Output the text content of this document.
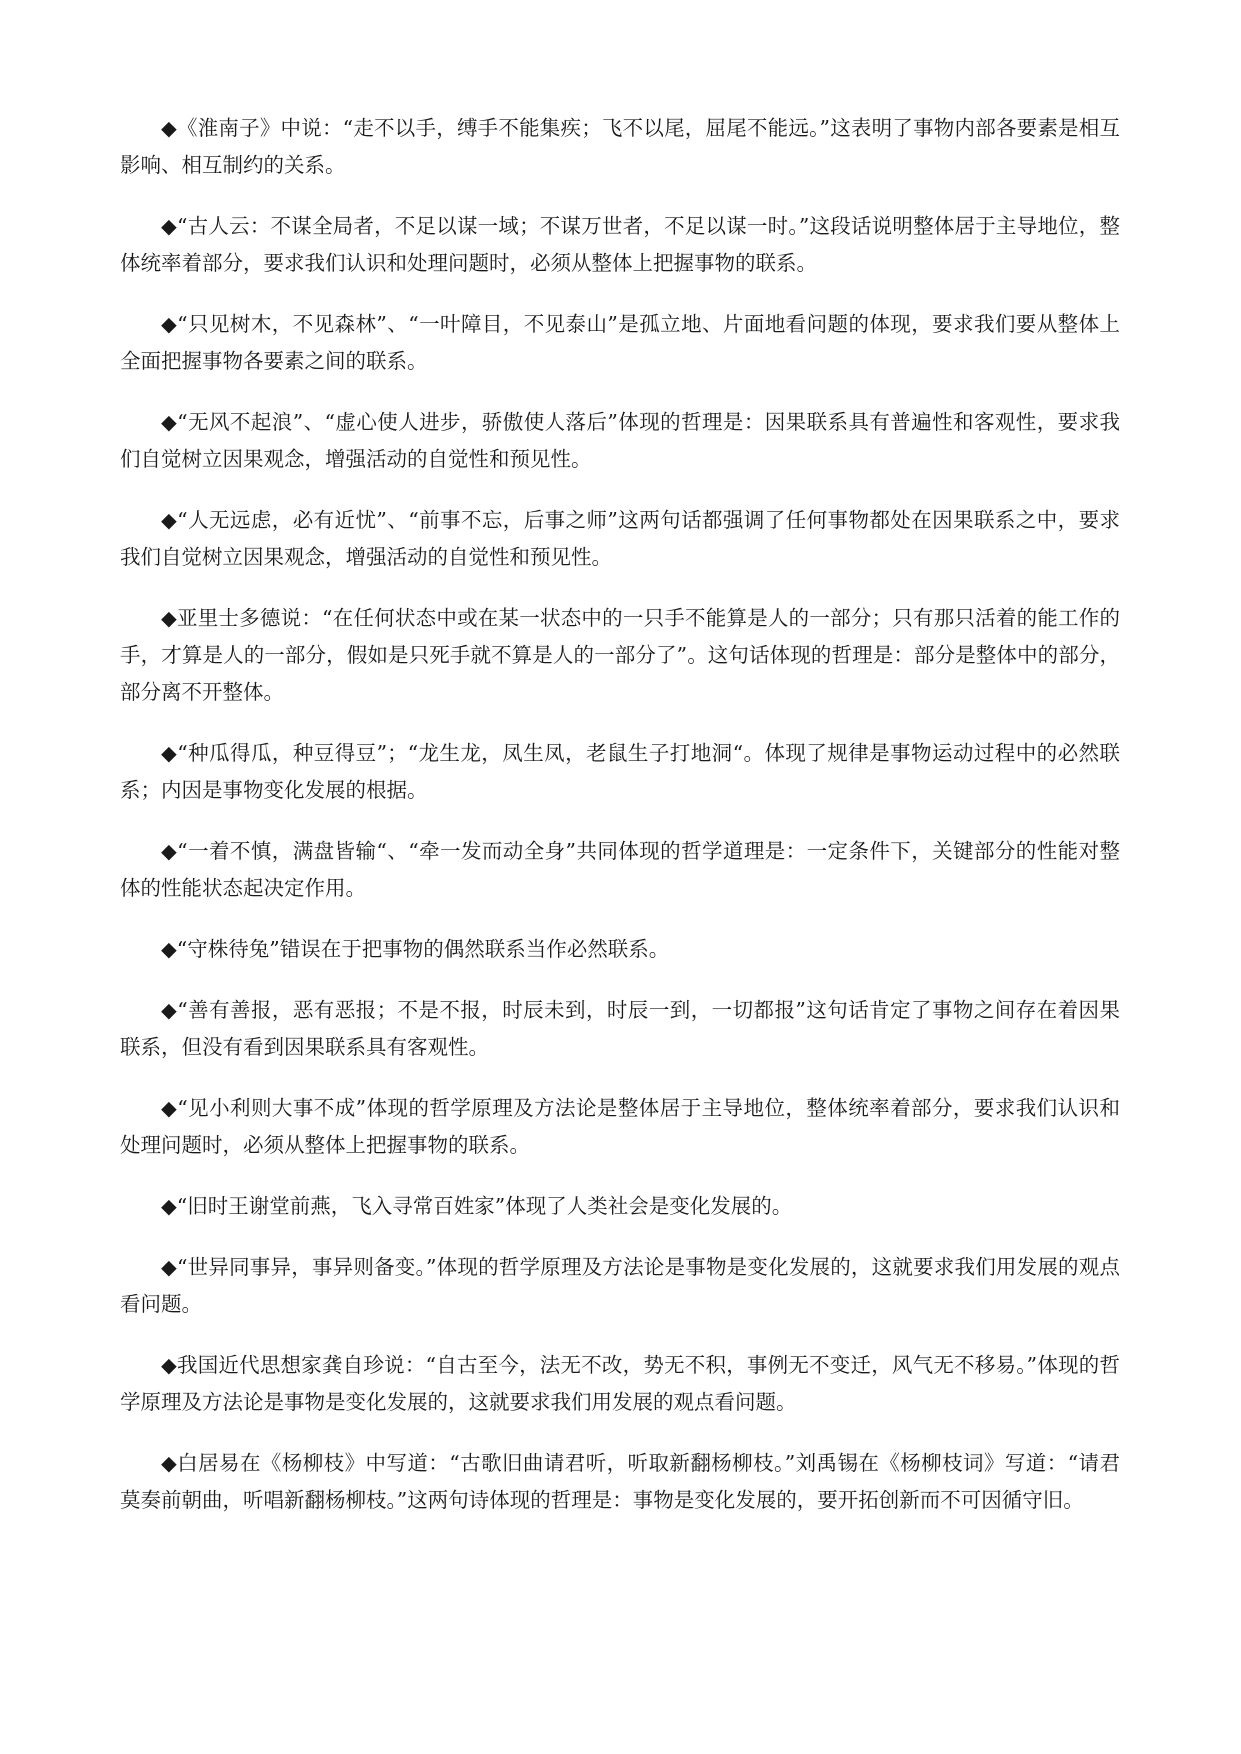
◆《淮南子》中说：“走不以手，缚手不能集疾；飞不以尾，屈尾不能远。”这表明了事物内部各要素是相互影响、相互制约的关系。

◆“古人云：不谋全局者，不足以谋一域；不谋万世者，不足以谋一时。”这段话说明整体居于主导地位，整体统率着部分，要求我们认识和处理问题时，必须从整体上把握事物的联系。

◆“只见树木，不见森林”、“一叶障目，不见泰山”是孤立地、片面地看问题的体现，要求我们要从整体上全面把握事物各要素之间的联系。

◆“无风不起浪”、“虚心使人进步，骄傲使人落后”体现的哲理是：因果联系具有普遍性和客观性，要求我们自觉树立因果观念，增强活动的自觉性和预见性。

◆“人无远虑，必有近忧”、“前事不忘，后事之师”这两句话都强调了任何事物都处在因果联系之中，要求我们自觉树立因果观念，增强活动的自觉性和预见性。

◆亚里士多德说：“在任何状态中或在某一状态中的一只手不能算是人的一部分；只有那只活着的能工作的手，才算是人的一部分，假如是只死手就不算是人的一部分了”。这句话体现的哲理是：部分是整体中的部分，部分离不开整体。

◆“种瓜得瓜，种豆得豆”；“龙生龙，凤生凤，老鼠生子打地洞“。体现了规律是事物运动过程中的必然联系；内因是事物变化发展的根据。

◆“一着不慎，满盘皆输“、“牵一发而动全身”共同体现的哲学道理是：一定条件下，关键部分的性能对整体的性能状态起决定作用。

◆“守株待兔”错误在于把事物的偶然联系当作必然联系。

◆“善有善报，恶有恶报；不是不报，时辰未到，时辰一到，一切都报”这句话肯定了事物之间存在着因果联系，但没有看到因果联系具有客观性。

◆“见小利则大事不成”体现的哲学原理及方法论是整体居于主导地位，整体统率着部分，要求我们认识和处理问题时，必须从整体上把握事物的联系。

◆“旧时王谢堂前燕，飞入寻常百姓家”体现了人类社会是变化发展的。

◆“世异同事异，事异则备变。”体现的哲学原理及方法论是事物是变化发展的，这就要求我们用发展的观点看问题。

◆我国近代思想家龚自珍说：“自古至今，法无不改，势无不积，事例无不变迁，风气无不移易。”体现的哲学原理及方法论是事物是变化发展的，这就要求我们用发展的观点看问题。

◆白居易在《杨柳枝》中写道：“古歌旧曲请君听，听取新翻杨柳枝。”刘禹锡在《杨柳枝词》写道：“请君莫奏前朝曲，听唱新翻杨柳枝。”这两句诗体现的哲理是：事物是变化发展的，要开拓创新而不可因循守旧。
